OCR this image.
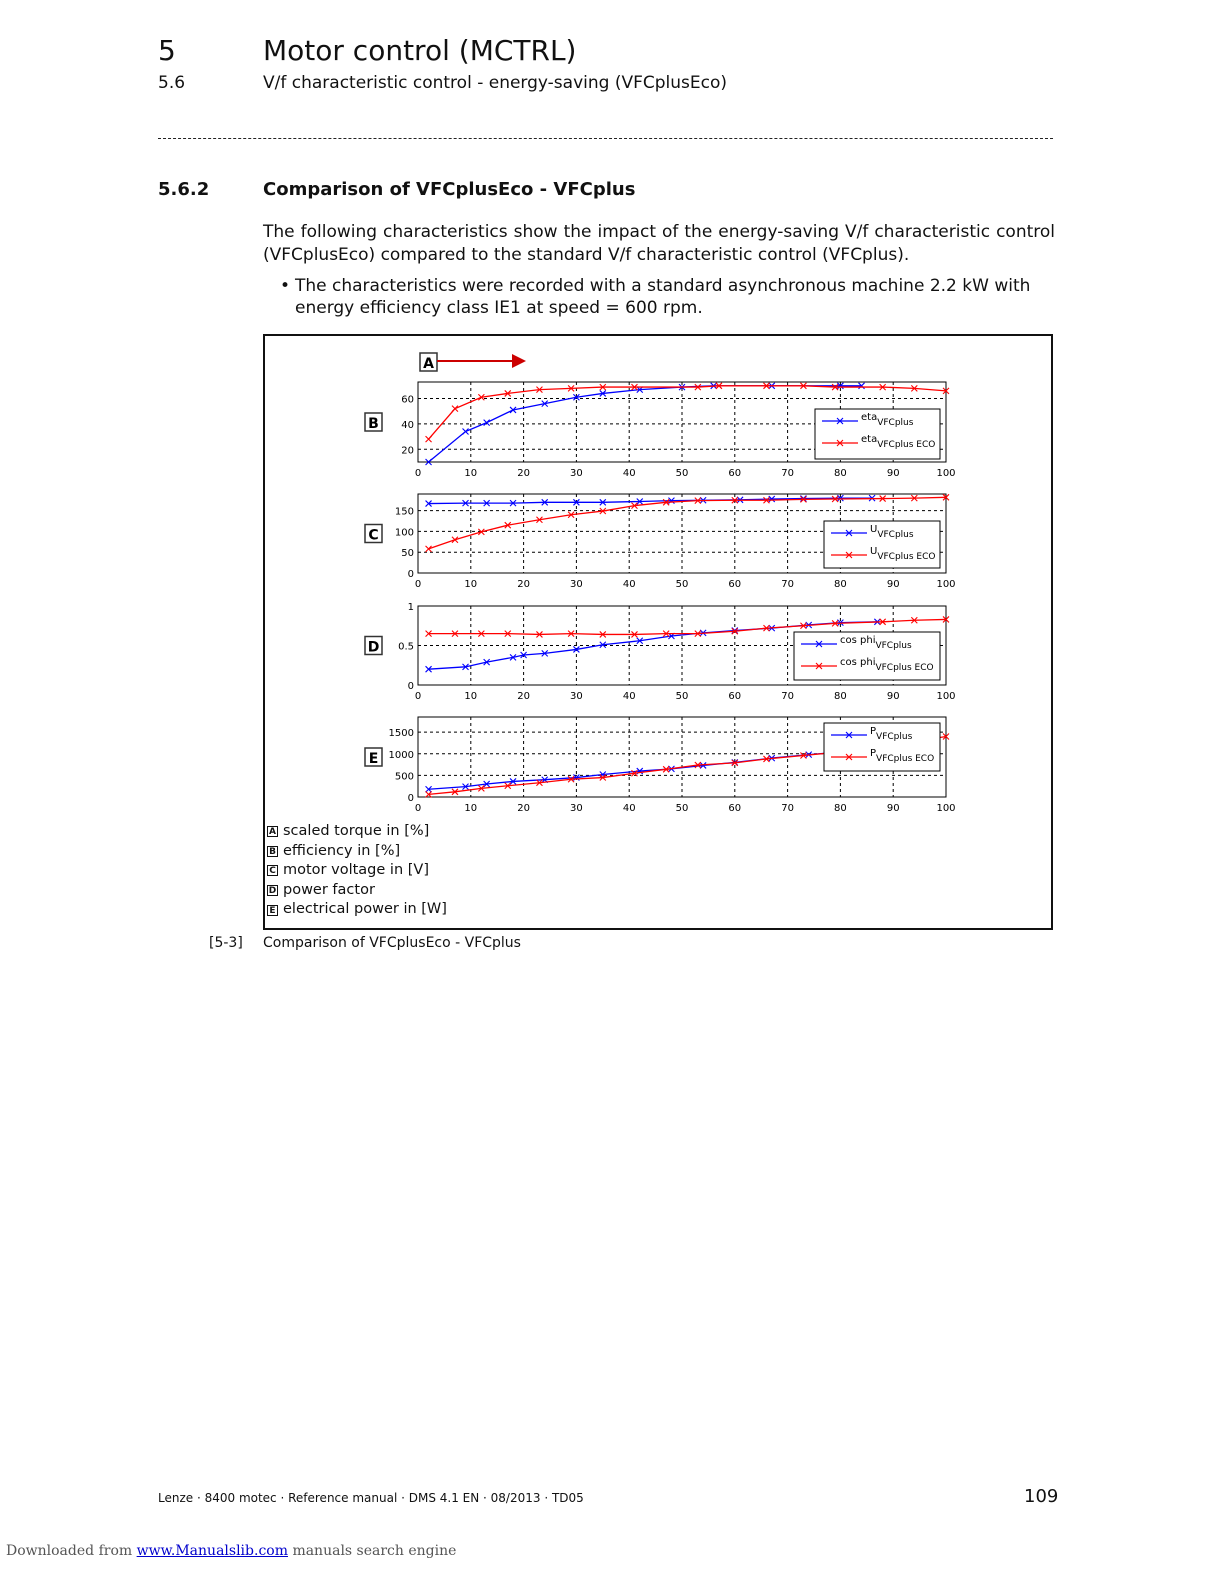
5	Motor control (MCTRL)
5.6	V/f characteristic control - energy-saving (VFCplusEco)
5.6.2	Comparison of VFCplusEco - VFCplus
The following characteristics show the impact of the energy-saving V/f characteristic control (VFCplusEco) compared to the standard V/f characteristic control (VFCplus).
• The characteristics were recorded with a standard asynchronous machine 2.2 kW with energy efficiency class IE1 at speed = 600 rpm.
A
B
0	10	20	30	40	50	60	70	80	90	100
20
40
60
etaVFCplus
etaVFCplus ECO
C
0	10	20	30	40	50	60	70	80	90	100
0
50
100
150
UVFCplus
UVFCplus ECO
D
0	10	20	30	40	50	60	70	80	90	100
0
0.5
1
cos phiVFCplus
cos phiVFCplus ECO
E
0	10	20	30	40	50	60	70	80	90	100
0
500
1000
1500	PVFCplus
PVFCplus ECO
A scaled torque in [%]
B efficiency in [%]
C motor voltage in [V]
D power factor
E electrical power in [W]
[5-3] Comparison of VFCplusEco - VFCplus
Lenze · 8400 motec · Reference manual · DMS 4.1 EN · 08/2013 · TD05	109
Downloaded from www.Manualslib.com manuals search engine
